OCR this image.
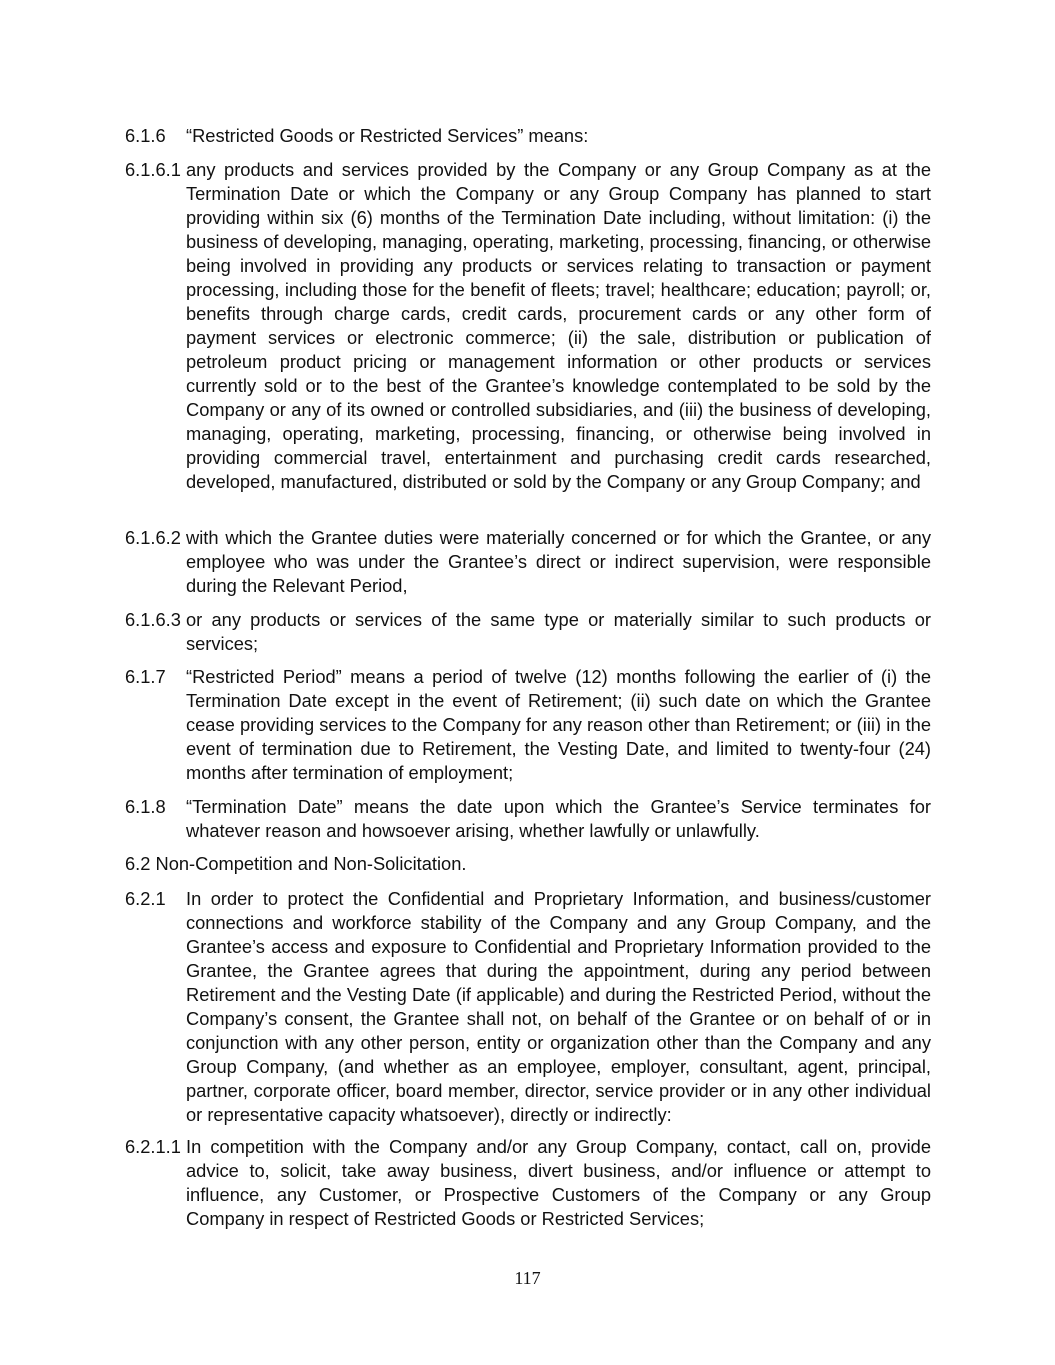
6.1.6 “Restricted Goods or Restricted Services” means:
6.1.6.1 any products and services provided by the Company or any Group Company as at the Termination Date or which the Company or any Group Company has planned to start providing within six (6) months of the Termination Date including, without limitation: (i) the business of developing, managing, operating, marketing, processing, financing, or otherwise being involved in providing any products or services relating to transaction or payment processing, including those for the benefit of fleets; travel; healthcare; education; payroll; or, benefits through charge cards, credit cards, procurement cards or any other form of payment services or electronic commerce; (ii) the sale, distribution or publication of petroleum product pricing or management information or other products or services currently sold or to the best of the Grantee’s knowledge contemplated to be sold by the Company or any of its owned or controlled subsidiaries, and (iii) the business of developing, managing, operating, marketing, processing, financing, or otherwise being involved in providing commercial travel, entertainment and purchasing credit cards researched, developed, manufactured, distributed or sold by the Company or any Group Company; and
6.1.6.2 with which the Grantee duties were materially concerned or for which the Grantee, or any employee who was under the Grantee’s direct or indirect supervision, were responsible during the Relevant Period,
6.1.6.3 or any products or services of the same type or materially similar to such products or services;
6.1.7 “Restricted Period” means a period of twelve (12) months following the earlier of (i) the Termination Date except in the event of Retirement; (ii) such date on which the Grantee cease providing services to the Company for any reason other than Retirement; or (iii) in the event of termination due to Retirement, the Vesting Date, and limited to twenty-four (24) months after termination of employment;
6.1.8 “Termination Date” means the date upon which the Grantee’s Service terminates for whatever reason and howsoever arising, whether lawfully or unlawfully.
6.2 Non-Competition and Non-Solicitation.
6.2.1 In order to protect the Confidential and Proprietary Information, and business/customer connections and workforce stability of the Company and any Group Company, and the Grantee’s access and exposure to Confidential and Proprietary Information provided to the Grantee, the Grantee agrees that during the appointment, during any period between Retirement and the Vesting Date (if applicable) and during the Restricted Period, without the Company’s consent, the Grantee shall not, on behalf of the Grantee or on behalf of or in conjunction with any other person, entity or organization other than the Company and any Group Company, (and whether as an employee, employer, consultant, agent, principal, partner, corporate officer, board member, director, service provider or in any other individual or representative capacity whatsoever), directly or indirectly:
6.2.1.1 In competition with the Company and/or any Group Company, contact, call on, provide advice to, solicit, take away business, divert business, and/or influence or attempt to influence, any Customer, or Prospective Customers of the Company or any Group Company in respect of Restricted Goods or Restricted Services;
117
